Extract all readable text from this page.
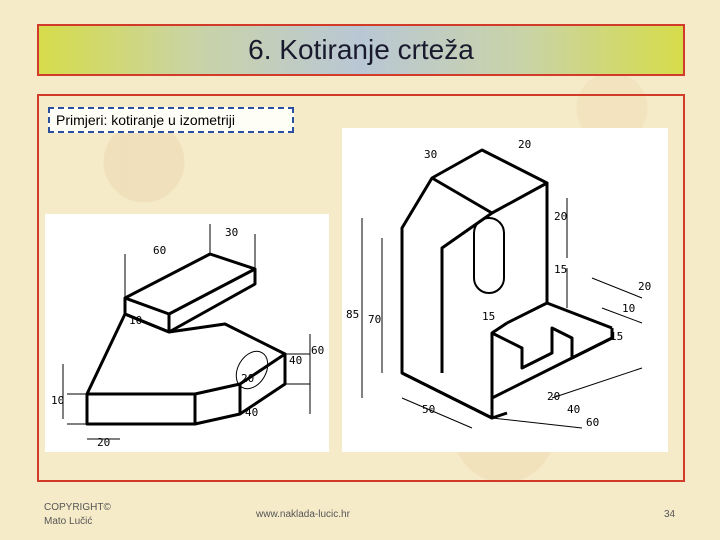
6. Kotiranje crteža
Primjeri: kotiranje u izometriji
30
60
10
10
20
20
40
40
60
30
20
20
15
85 70	15
50
20
10
15
20
40
60
COPYRIGHT©
Mato Lučić
www.naklada-lucic.hr	34
